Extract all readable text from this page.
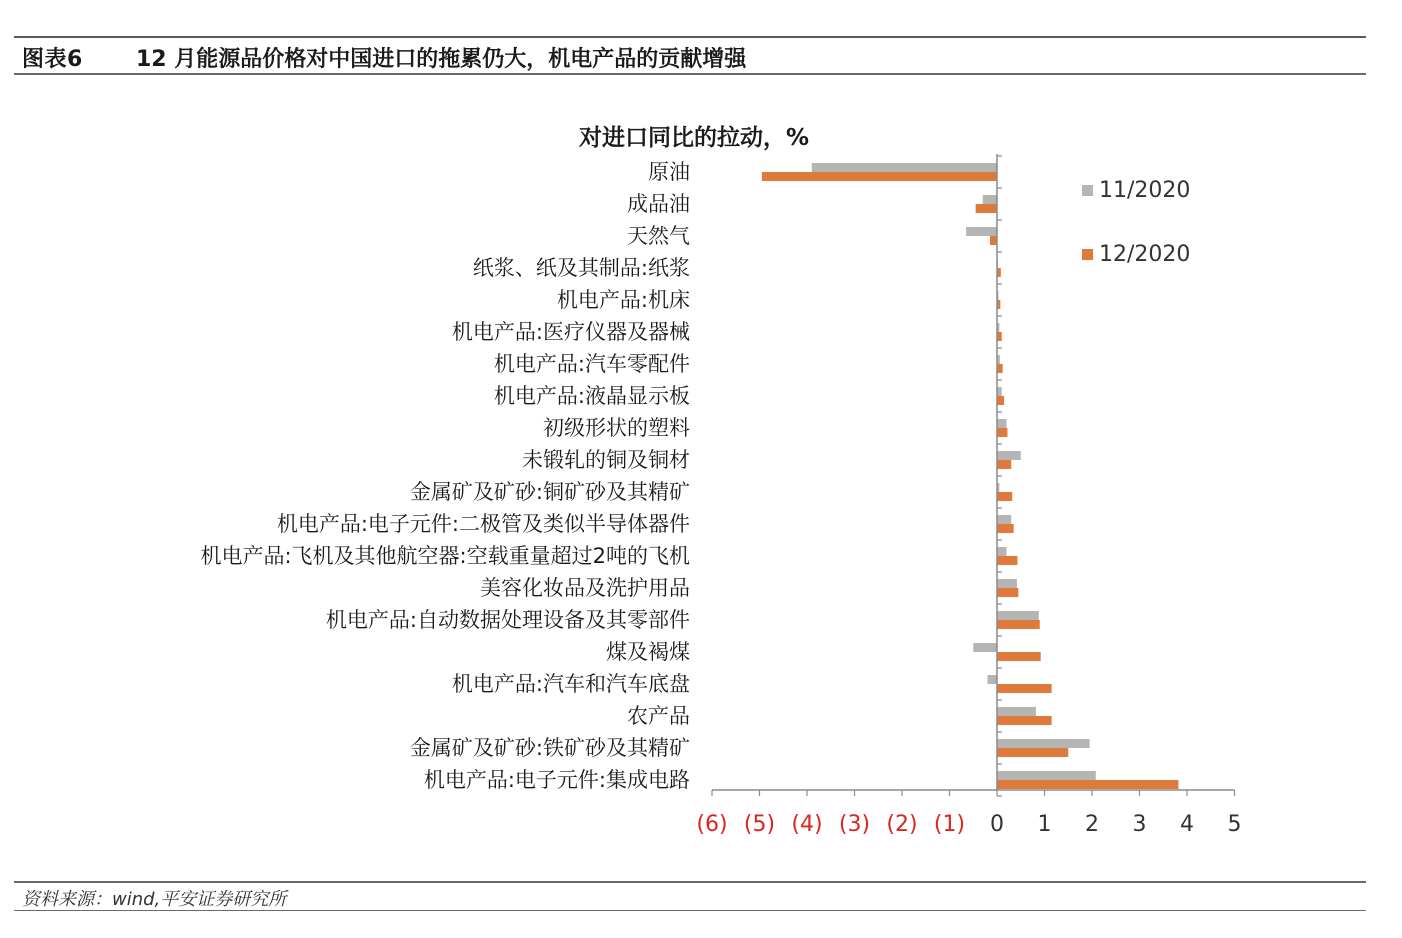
图表6 12 月能源品价格对中国进口的拖累仍大，机电产品的贡献增强
对进口同比的拉动，%
原油
成品油
天然气
纸浆、纸及其制品:纸浆
机电产品:机床
机电产品:医疗仪器及器械
机电产品:汽车零配件
机电产品:液晶显示板
初级形状的塑料
未锻轧的铜及铜材
金属矿及矿砂:铜矿砂及其精矿
机电产品:电子元件:二极管及类似半导体器件
机电产品:飞机及其他航空器:空载重量超过2吨的飞机
美容化妆品及洗护用品
机电产品:自动数据处理设备及其零部件
煤及褐煤
机电产品:汽车和汽车底盘
农产品
金属矿及矿砂:铁矿砂及其精矿
机电产品:电子元件:集成电路
(6) (5) (4) (3) (2) (1) 0 1 2 3 4 5
11/2020
12/2020
资料来源：wind,平安证券研究所
